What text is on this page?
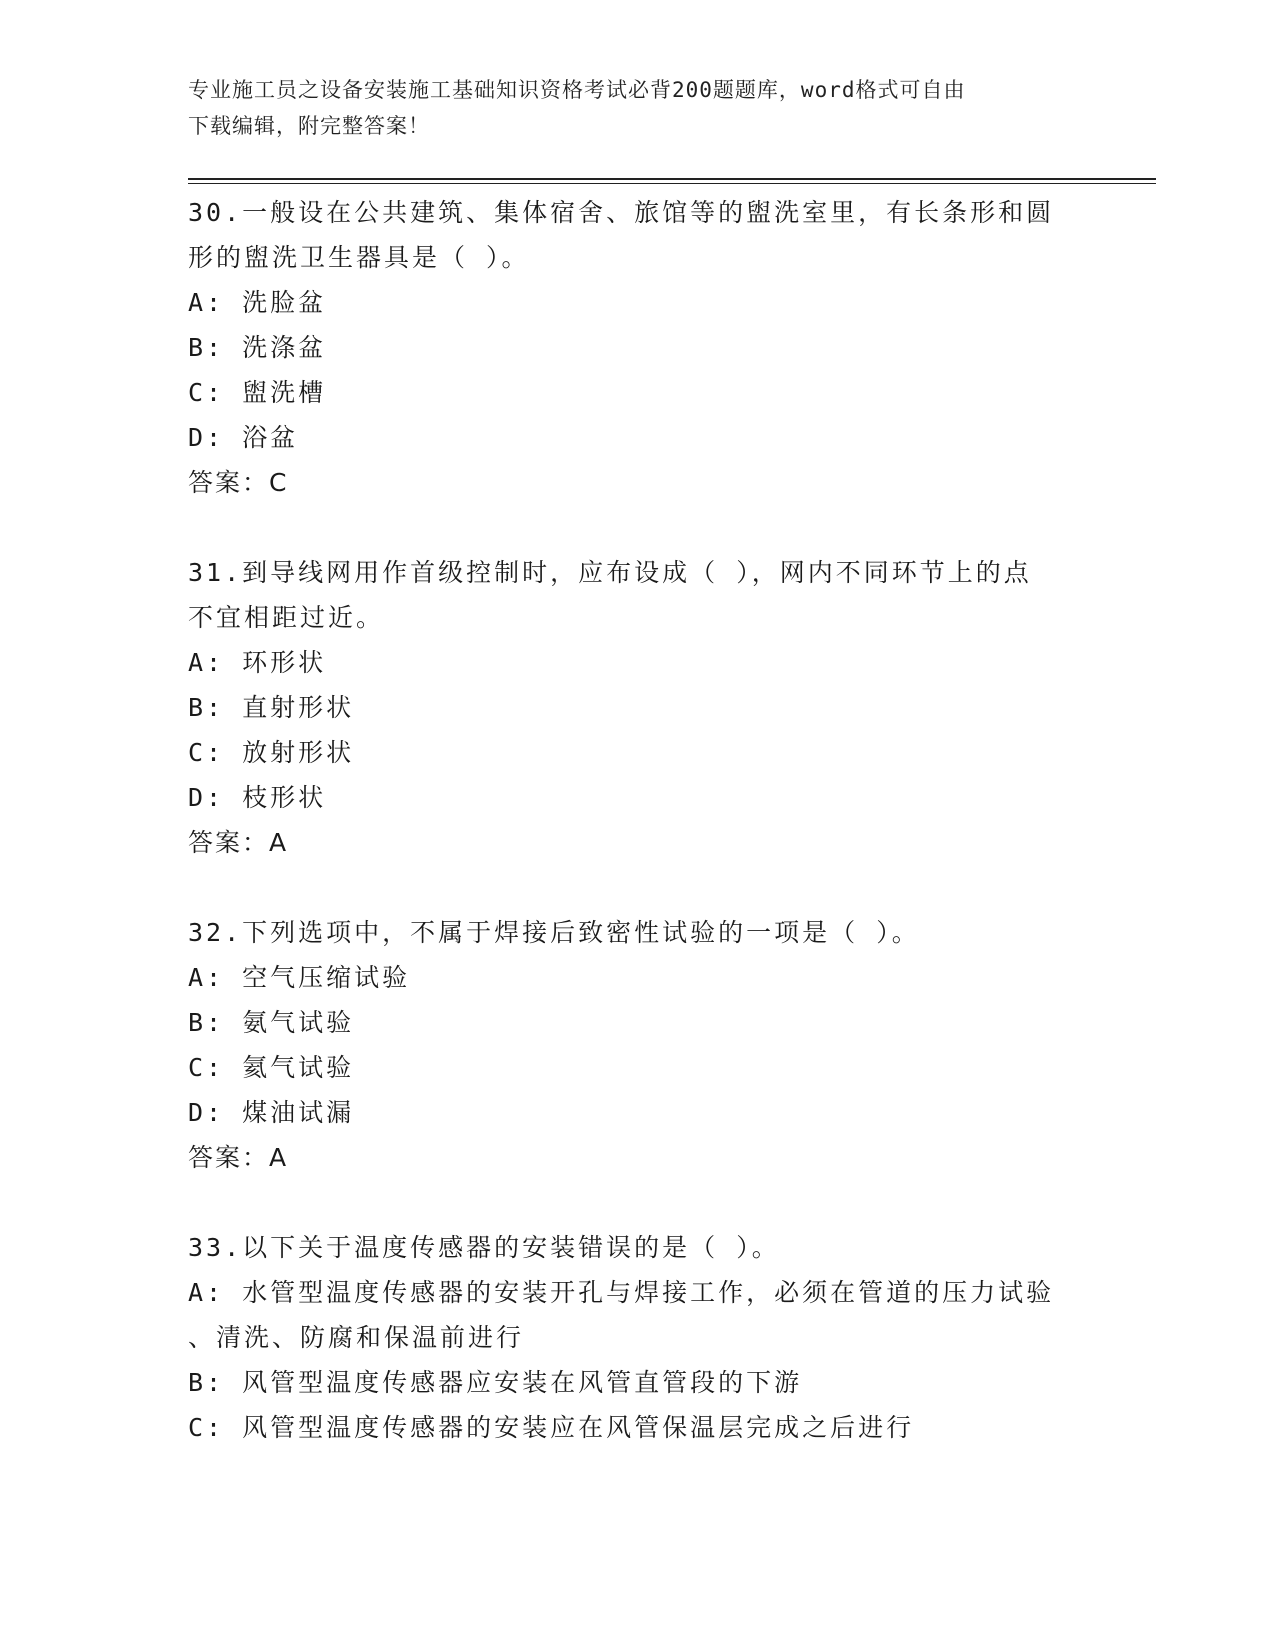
专业施工员之设备安装施工基础知识资格考试必背200题题库，word格式可自由
下载编辑，附完整答案！
30.一般设在公共建筑、集体宿舍、旅馆等的盥洗室里，有长条形和圆
形的盥洗卫生器具是（ ）。
A: 洗脸盆
B: 洗涤盆
C: 盥洗槽
D: 浴盆
答案：C
31.到导线网用作首级控制时，应布设成（ ），网内不同环节上的点
不宜相距过近。
A: 环形状
B: 直射形状
C: 放射形状
D: 枝形状
答案：A
32.下列选项中，不属于焊接后致密性试验的一项是（ ）。
A: 空气压缩试验
B: 氨气试验
C: 氦气试验
D: 煤油试漏
答案：A
33.以下关于温度传感器的安装错误的是（ ）。
A: 水管型温度传感器的安装开孔与焊接工作，必须在管道的压力试验
、清洗、防腐和保温前进行
B: 风管型温度传感器应安装在风管直管段的下游
C: 风管型温度传感器的安装应在风管保温层完成之后进行
